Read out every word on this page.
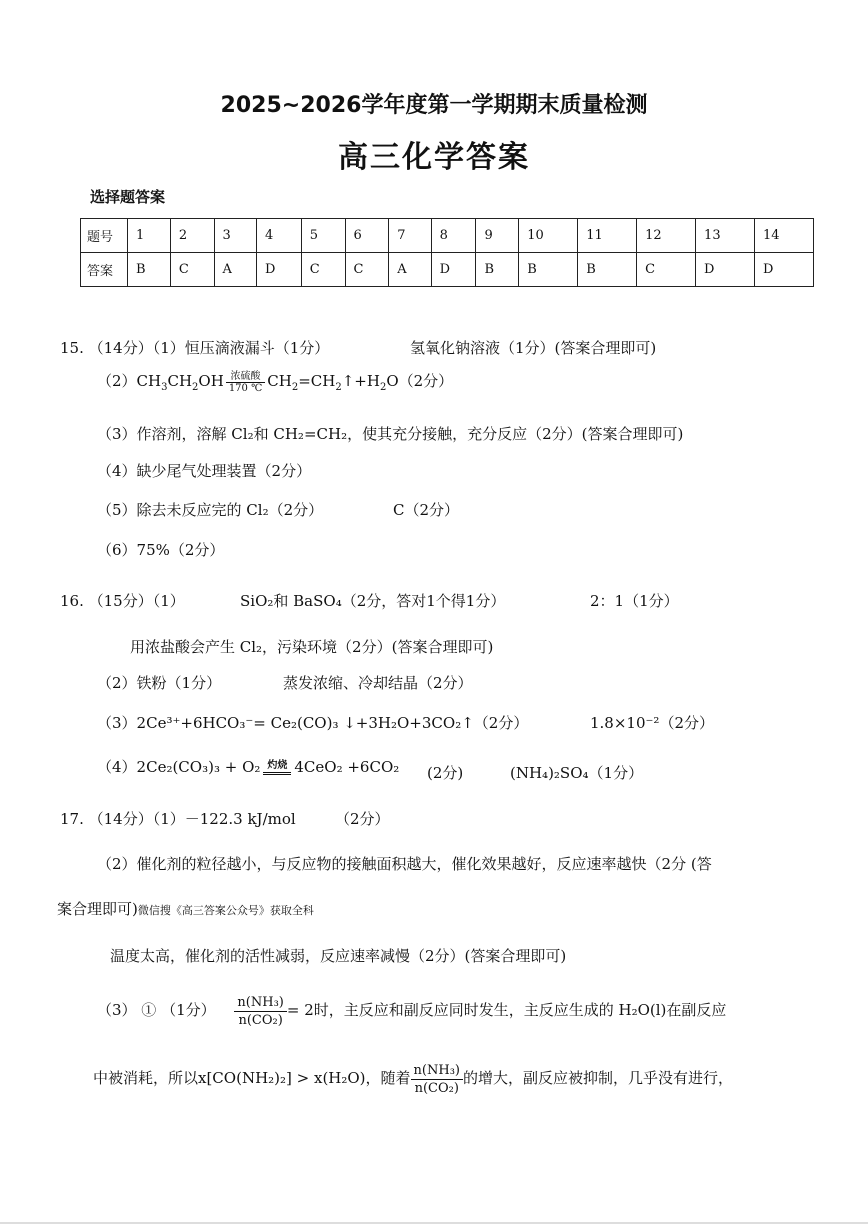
2025~2026学年度第一学期期末质量检测
高三化学答案
选择题答案
题号	1	2	3	4	5	6	7	8	9	10	11	12	13	14
答案	B	C	A	D	C	C	A	D	B	B	B	C	D	D
15. （14分）（1）恒压滴液漏斗（1分）	氢氧化钠溶液（1分）(答案合理即可)
$(2)CH_3CH_2OH$ 浓硫酸
170 ℃ $CH_2=CH_2↑+H_2O(2$分）
（3）作溶剂，溶解 Cl₂和 CH₂=CH₂，使其充分接触，充分反应（2分）(答案合理即可)
（4）缺少尾气处理装置（2分）
（5）除去未反应完的 Cl₂（2分）	C（2分）
（6）75%（2分）
16. （15分）（1）	SiO₂和 BaSO₄（2分，答对1个得1分）	2：1（1分）
用浓盐酸会产生 Cl₂，污染环境（2分）(答案合理即可)
（2）铁粉（1分）	蒸发浓缩、冷却结晶（2分）
（3）2Ce³⁺+6HCO₃⁻= Ce₂(CO)₃ ↓+3H₂O+3CO₂↑（2分）	1.8×10⁻²（2分）
（4）2Ce₂(CO₃)₃ + O₂ 灼烧 4CeO₂ +6CO₂ (2分)	(NH₄)₂SO₄（1分）
17. （14分）（1）－122.3 kJ/mol	（2分）
（2）催化剂的粒径越小，与反应物的接触面积越大，催化效果越好，反应速率越快（2分 (答
案合理即可)微信搜《高三答案公众号》获取全科
温度太高，催化剂的活性减弱，反应速率减慢（2分）(答案合理即可)
（3） ① （1分） $\frac{\text{n(NH₃)}}{\text{n(CO₂)}} = 2$时，主反应和副反应同时发生，主反应生成的 H₂O(l)在副反应
中被消耗，所以x[CO(NH₂)₂] > x(H₂O)，随着 $\frac{\text{n(NH₃)}}{\text{n(CO₂)}}$ 的增大，副反应被抑制，几乎没有进行，
